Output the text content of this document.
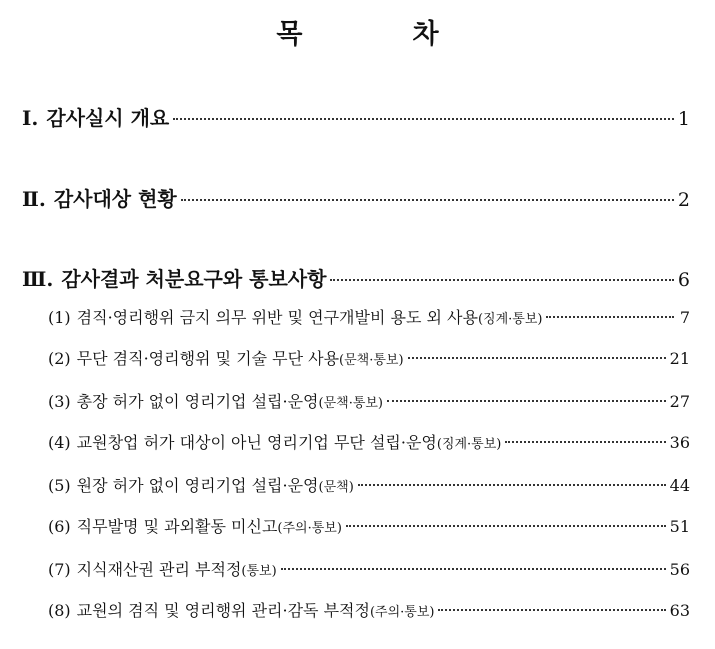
목	차
Ⅰ. 감사실시 개요	1
Ⅱ. 감사대상 현황	2
Ⅲ. 감사결과 처분요구와 통보사항	6
(1) 겸직·영리행위 금지 의무 위반 및 연구개발비 용도 외 사용 (징계·통보)	7
(2) 무단 겸직·영리행위 및 기술 무단 사용 (문책·통보)	21
(3) 총장 허가 없이 영리기업 설립·운영 (문책·통보)	27
(4) 교원창업 허가 대상이 아닌 영리기업 무단 설립·운영 (징계·통보)	36
(5) 원장 허가 없이 영리기업 설립·운영 (문책)	44
(6) 직무발명 및 과외활동 미신고 (주의·통보)	51
(7) 지식재산권 관리 부적정 (통보)	56
(8) 교원의 겸직 및 영리행위 관리·감독 부적정 (주의·통보)	63
